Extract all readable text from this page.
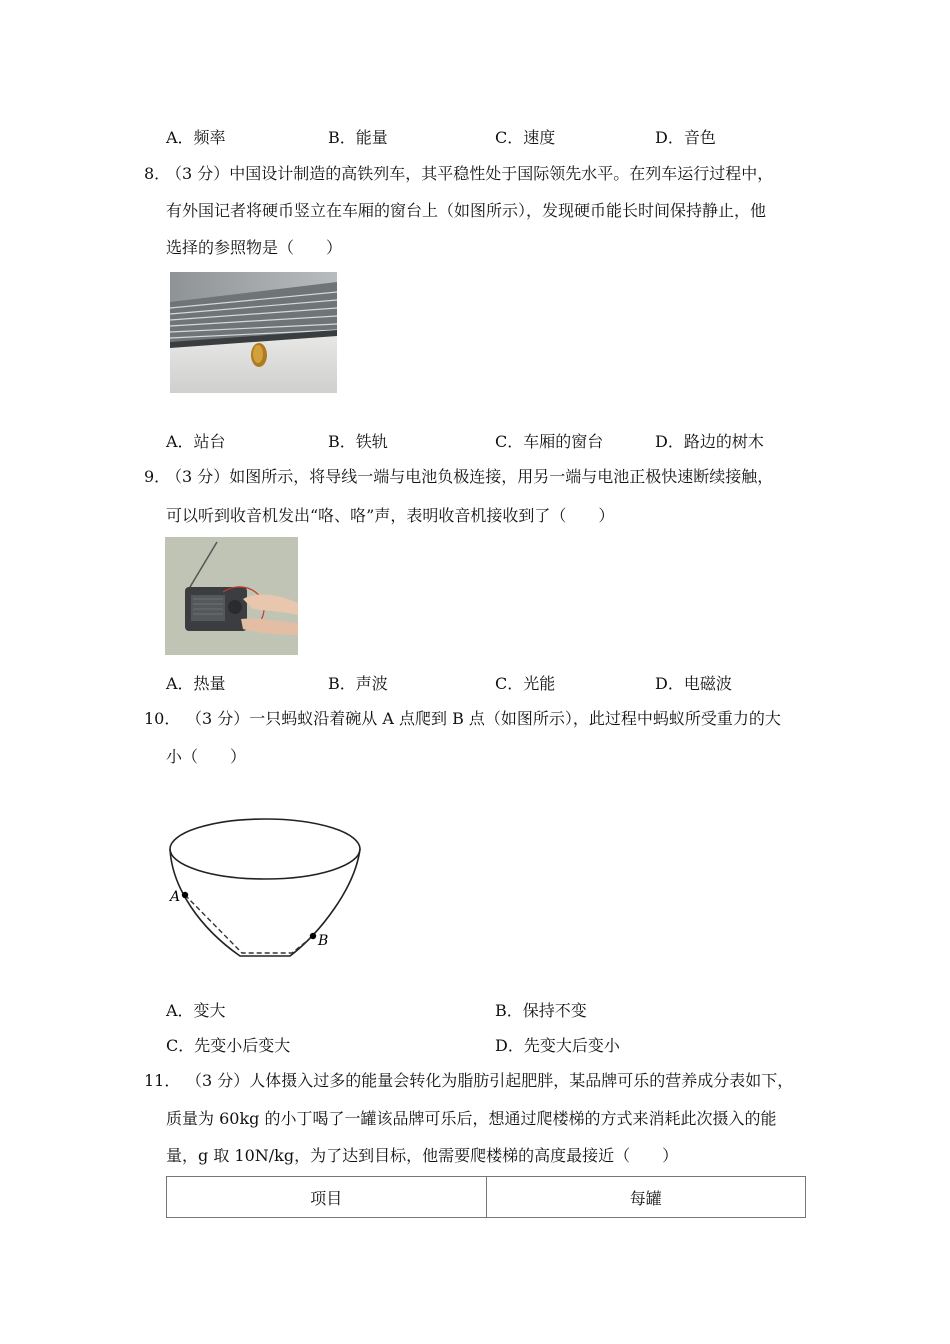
A．频率	B．能量	C．速度	D．音色
8．
（3 分）中国设计制造的高铁列车，其平稳性处于国际领先水平。在列车运行过程中，
有外国记者将硬币竖立在车厢的窗台上（如图所示），发现硬币能长时间保持静止，他
选择的参照物是（　　）
A．站台	B．铁轨	C．车厢的窗台	D．路边的树木
9．
（3 分）如图所示，将导线一端与电池负极连接，用另一端与电池正极快速断续接触，
可以听到收音机发出“咯、咯”声，表明收音机接收到了（　　）
A．热量	B．声波	C．光能	D．电磁波
10． （3 分）一只蚂蚁沿着碗从 A 点爬到 B 点（如图所示），此过程中蚂蚁所受重力的大
小（　　）
A
B
A．变大	B．保持不变
C．先变小后变大	D．先变大后变小
11． （3 分）人体摄入过多的能量会转化为脂肪引起肥胖，某品牌可乐的营养成分表如下，
质量为 60kg 的小丁喝了一罐该品牌可乐后，想通过爬楼梯的方式来消耗此次摄入的能
量，g 取 10N/kg，为了达到目标，他需要爬楼梯的高度最接近（　　）
项目	每罐
